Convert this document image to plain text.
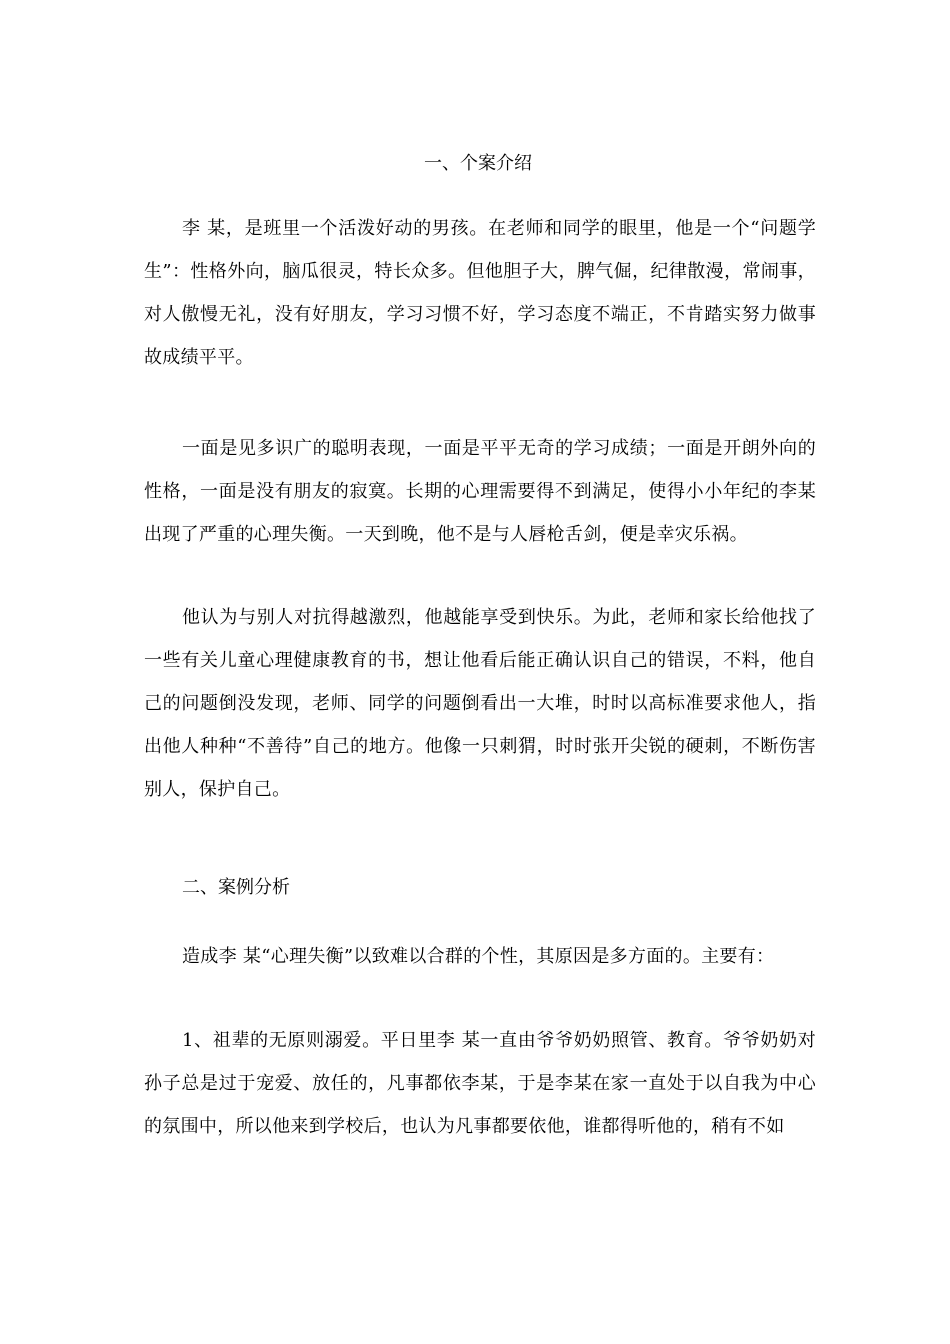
一、个案介绍

李 某，是班里一个活泼好动的男孩。在老师和同学的眼里，他是一个“问题学生”：性格外向，脑瓜很灵，特长众多。但他胆子大，脾气倔，纪律散漫，常闹事，对人傲慢无礼，没有好朋友，学习习惯不好，学习态度不端正，不肯踏实努力做事故成绩平平。

一面是见多识广的聪明表现，一面是平平无奇的学习成绩；一面是开朗外向的性格，一面是没有朋友的寂寞。长期的心理需要得不到满足，使得小小年纪的李某出现了严重的心理失衡。一天到晚，他不是与人唇枪舌剑，便是幸灾乐祸。

他认为与别人对抗得越激烈，他越能享受到快乐。为此，老师和家长给他找了一些有关儿童心理健康教育的书，想让他看后能正确认识自己的错误，不料，他自己的问题倒没发现，老师、同学的问题倒看出一大堆，时时以高标准要求他人，指出他人种种“不善待”自己的地方。他像一只刺猬，时时张开尖锐的硬刺，不断伤害别人，保护自己。

二、案例分析

造成李 某“心理失衡”以致难以合群的个性，其原因是多方面的。主要有：

1、祖辈的无原则溺爱。平日里李 某一直由爷爷奶奶照管、教育。爷爷奶奶对孙子总是过于宠爱、放任的，凡事都依李某，于是李某在家一直处于以自我为中心的氛围中，所以他来到学校后，也认为凡事都要依他，谁都得听他的，稍有不如
